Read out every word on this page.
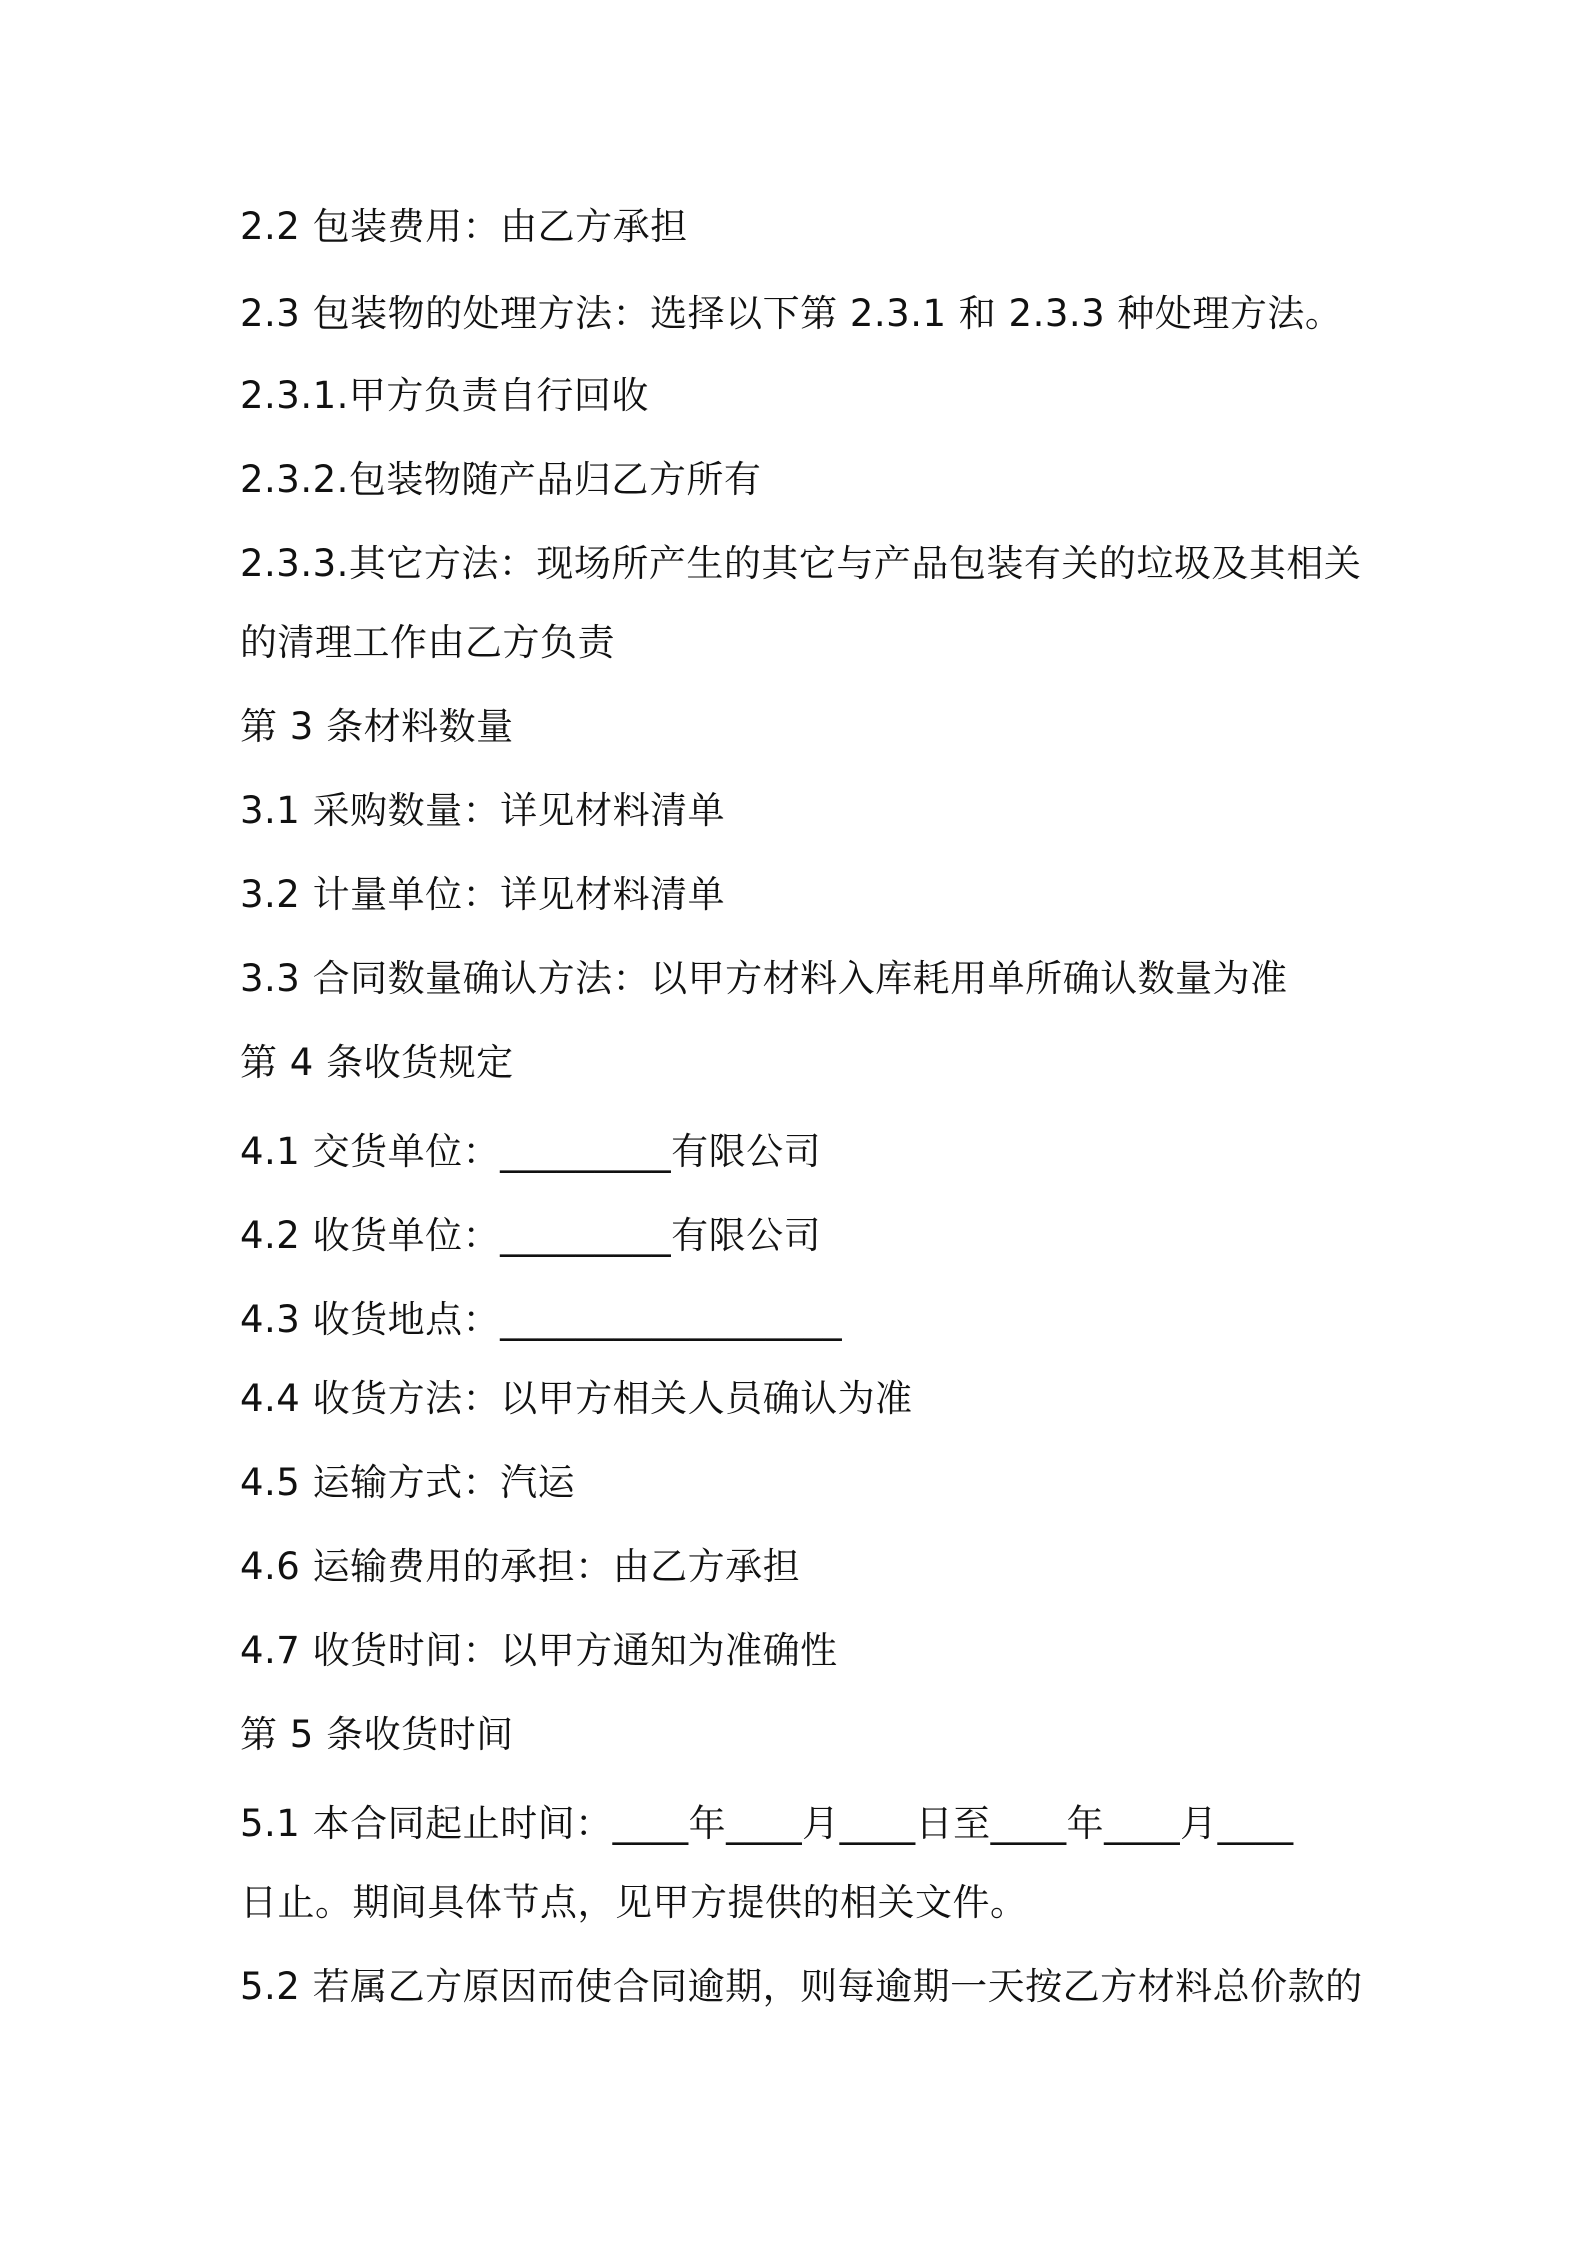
2.2 包装费用：由乙方承担
2.3 包装物的处理方法：选择以下第 2.3.1 和 2.3.3 种处理方法。
2.3.1.甲方负责自行回收
2.3.2.包装物随产品归乙方所有
2.3.3.其它方法：现场所产生的其它与产品包装有关的垃圾及其相关
的清理工作由乙方负责
第 3 条材料数量
3.1 采购数量：详见材料清单
3.2 计量单位：详见材料清单
3.3 合同数量确认方法：以甲方材料入库耗用单所确认数量为准
第 4 条收货规定
4.1 交货单位：_________有限公司
4.2 收货单位：_________有限公司
4.3 收货地点：__________________
4.4 收货方法：以甲方相关人员确认为准
4.5 运输方式：汽运
4.6 运输费用的承担：由乙方承担
4.7 收货时间：以甲方通知为准确性
第 5 条收货时间
5.1 本合同起止时间：____年____月____日至____年____月____
日止。期间具体节点，见甲方提供的相关文件。
5.2 若属乙方原因而使合同逾期，则每逾期一天按乙方材料总价款的
